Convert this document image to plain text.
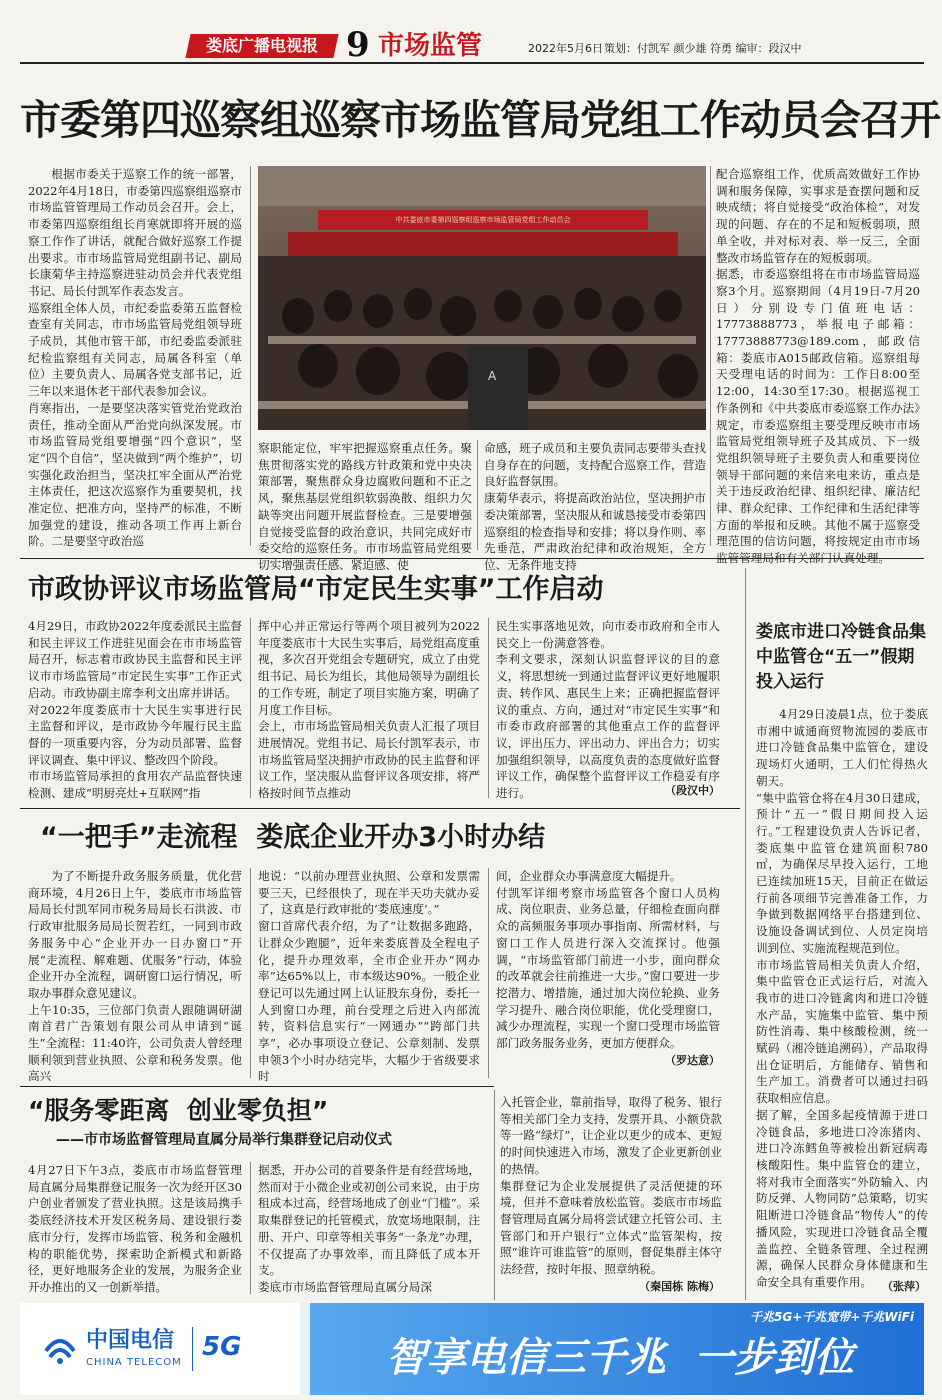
娄底广播电视报 9 市场监管	2022年5月6日 策划：付凯军 颜少雄 符勇 编审：段汉中
市委第四巡察组巡察市场监管局党组工作动员会召开
根据市委关于巡察工作的统一部署，2022年4月18日，市委第四巡察组巡察市市场监管管理局工作动员会召开。会上，市委第四巡察组组长肖寒就即将开展的巡察工作作了讲话，就配合做好巡察工作提出要求。市市场监管局党组副书记、副局长康菊华主持巡察进驻动员会并代表党组书记、局长付凯军作表态发言。
巡察组全体人员，市纪委监委第五监督检查室有关同志，市市场监管局党组领导班子成员，其他市管干部，市纪委监委派驻纪检监察组有关同志，局属各科室（单位）主要负责人、局属各党支部书记，近三年以来退休老干部代表参加会议。
肖寒指出，一是要坚决落实管党治党政治责任，推动全面从严治党向纵深发展。市市场监管局党组要增强“四个意识”，坚定“四个自信”，坚决做到“两个维护”，切实强化政治担当，坚决扛牢全面从严治党主体责任，把这次巡察作为重要契机，找准定位、把准方向，坚持严的标准，不断加强党的建设，推动各项工作再上新台阶。二是要坚守政治巡
A
中共娄底市委第四巡察组巡察市场监管局党组工作动员会
察职能定位，牢牢把握巡察重点任务。聚焦贯彻落实党的路线方针政策和党中央决策部署，聚焦群众身边腐败问题和不正之风，聚焦基层党组织软弱涣散、组织力欠缺等突出问题开展监督检查。三是要增强自觉接受监督的政治意识，共同完成好市委交给的巡察任务。市市场监管局党组要切实增强责任感、紧迫感、使
命感，班子成员和主要负责同志要带头查找自身存在的问题，支持配合巡察工作，营造良好监督氛围。
康菊华表示，将提高政治站位，坚决拥护市委决策部署，坚决服从和诚恳接受市委第四巡察组的检查指导和安排；将以身作则、率先垂范，严肃政治纪律和政治规矩，全方位、无条件地支持
配合巡察组工作，优质高效做好工作协调和服务保障，实事求是查摆问题和反映成绩；将自觉接受“政治体检”，对发现的问题、存在的不足和短板弱项，照单全收，并对标对表、举一反三，全面整改市场监管存在的短板弱项。
据悉，市委巡察组将在市市场监管局巡察3个月。巡察期间（4月19日-7月20日）分别设专门值班电话：17773888773，举报电子邮箱：17773888773@189.com，邮政信箱：娄底市A015邮政信箱。巡察组每天受理电话的时间为：工作日8:00至12:00，14:30至17:30。根据巡视工作条例和《中共娄底市委巡察工作办法》规定，市委巡察组主要受理反映市市场监管局党组领导班子及其成员、下一级党组织领导班子主要负责人和重要岗位领导干部问题的来信来电来访，重点是关于违反政治纪律、组织纪律、廉洁纪律、群众纪律、工作纪律和生活纪律等方面的举报和反映。其他不属于巡察受理范围的信访问题，将按规定由市市场监管管理局和有关部门认真处理。
市政协评议市场监管局“市定民生实事”工作启动
4月29日，市政协2022年度委派民主监督和民主评议工作进驻见面会在市市场监管局召开，标志着市政协民主监督和民主评议市市场监管局“市定民生实事”工作正式启动。市政协副主席李利文出席并讲话。
对2022年度娄底市十大民生实事进行民主监督和评议，是市政协今年履行民主监督的一项重要内容，分为动员部署、监督评议调查、集中评议、整改四个阶段。
市市场监管局承担的食用农产品监督快速检测、建成“明厨亮灶+互联网”指
挥中心并正常运行等两个项目被列为2022年度娄底市十大民生实事后，局党组高度重视，多次召开党组会专题研究，成立了由党组书记、局长为组长，其他局领导为副组长的工作专班，制定了项目实施方案，明确了月度工作目标。
会上，市市场监管局相关负责人汇报了项目进展情况。党组书记、局长付凯军表示，市市场监管局坚决拥护市政协的民主监督和评议工作，坚决服从监督评议各项安排，将严格按时间节点推动
民生实事落地见效，向市委市政府和全市人民交上一份满意答卷。
李利文要求，深刻认识监督评议的目的意义，将思想统一到通过监督评议更好地履职责、转作风、惠民生上来；正确把握监督评议的重点、方向，通过对“市定民生实事”和市委市政府部署的其他重点工作的监督评议，评出压力、评出动力、评出合力；切实加强组织领导，以高度负责的态度做好监督评议工作，确保整个监督评议工作稳妥有序进行。	（段汉中）
“一把手”走流程  娄底企业开办3小时办结
为了不断提升政务服务质量，优化营商环境，4月26日上午，娄底市市场监管局局长付凯军同市税务局局长石洪波、市行政审批服务局局长贺若红，一同到市政务服务中心“企业开办一日办窗口”开展“走流程、解难题、优服务”行动，体验企业开办全流程，调研窗口运行情况，听取办事群众意见建议。
上午10:35，三位部门负责人跟随调研湖南首君广告策划有限公司从申请到“诞生”全流程：11:40许，公司负责人曾经理顺利领到营业执照、公章和税务发票。他高兴
地说：“以前办理营业执照、公章和发票需要三天，已经很快了，现在半天功夫就办妥了，这真是行政审批的‘娄底速度’。”
窗口首席代表介绍，为了“让数据多跑路，让群众少跑腿”，近年来娄底普及全程电子化，提升办理效率，全市企业开办“网办率”达65%以上，市本级达90%。一般企业登记可以先通过网上认证股东身份，委托一人到窗口办理，前台受理之后进入内部流转，资料信息实行“一网通办”“跨部门共享”，必办事项设立登记、公章刻制、发票申领3个小时办结完毕，大幅少于省级要求时
间，企业群众办事满意度大幅提升。
付凯军详细考察市场监管各个窗口人员构成、岗位职责、业务总量，仔细检查面向群众的高频服务事项办事指南、所需材料，与窗口工作人员进行深入交流探讨。他强调，“市场监管部门前进一小步，面向群众的改革就会往前推进一大步。”窗口要进一步挖潜力、增措施，通过加大岗位轮换、业务学习提升、融合岗位职能，优化受理窗口，减少办理流程，实现一个窗口受理市场监管部门政务服务业务，更加方便群众。
（罗达意）
“服务零距离  创业零负担”
——市市场监督管理局直属分局举行集群登记启动仪式
4月27日下午3点，娄底市市场监督管理局直属分局集群登记服务一次为经开区30户创业者颁发了营业执照。这是该局携手娄底经济技术开发区税务局、建设银行娄底市分行，发挥市场监管、税务和金融机构的职能优势，探索助企新模式和新路径，更好地服务企业的发展，为服务企业开办推出的又一创新举措。
据悉，开办公司的首要条件是有经营场地，然而对于小微企业或初创公司来说，由于房租成本过高，经营场地成了创业“门槛”。采取集群登记的托管模式，放宽场地限制，注册、开户、印章等相关事务“一条龙”办理，不仅提高了办事效率，而且降低了成本开支。
娄底市市场监督管理局直属分局深
入托管企业，靠前指导，取得了税务、银行等相关部门全力支持，发票开具、小额贷款等一路“绿灯”，让企业以更少的成本、更短的时间快速进入市场，激发了企业更新创业的热情。
集群登记为企业发展提供了灵活便捷的环境，但并不意味着放松监管。娄底市市场监督管理局直属分局将尝试建立托管公司、主管部门和开户银行“立体式”监管架构，按照“谁许可谁监管”的原则，督促集群主体守法经营，按时年报、照章纳税。
（秦国栋 陈梅）
娄底市进口冷链食品集中监管仓“五一”假期投入运行
4月29日凌晨1点，位于娄底市湘中诚通商贸物流园的娄底市进口冷链食品集中监管仓，建设现场灯火通明，工人们忙得热火朝天。
“集中监管仓将在4月30日建成，预计“五一”假日期间投入运行。”工程建设负责人告诉记者，娄底集中监管仓建筑面积780㎡，为确保尽早投入运行，工地已连续加班15天，目前正在做运行前各项细节完善准备工作，力争做到数据网络平台搭建到位、设施设备调试到位、人员定岗培训到位、实施流程规范到位。
市市场监管局相关负责人介绍，集中监管仓正式运行后，对流入我市的进口冷链禽肉和进口冷链水产品，实施集中监管、集中预防性消毒、集中核酸检测，统一赋码（湘冷链追溯码），产品取得出仓证明后，方能储存、销售和生产加工。消费者可以通过扫码获取相应信息。
据了解，全国多起疫情源于进口冷链食品，多地进口冷冻猪肉、进口冷冻鳕鱼等被检出新冠病毒核酸阳性。集中监管仓的建立，将对我市全面落实“外防输入、内防反弹、人物同防”总策略，切实阻断进口冷链食品“物传人”的传播风险，实现进口冷链食品全覆盖监控、全链条管理、全过程溯源，确保人民群众身体健康和生命安全具有重要作用。 （张萍）
中国电信
CHINA TELECOM
5G
千兆5G+千兆宽带+千兆WiFi
智享电信三千兆  一步到位
